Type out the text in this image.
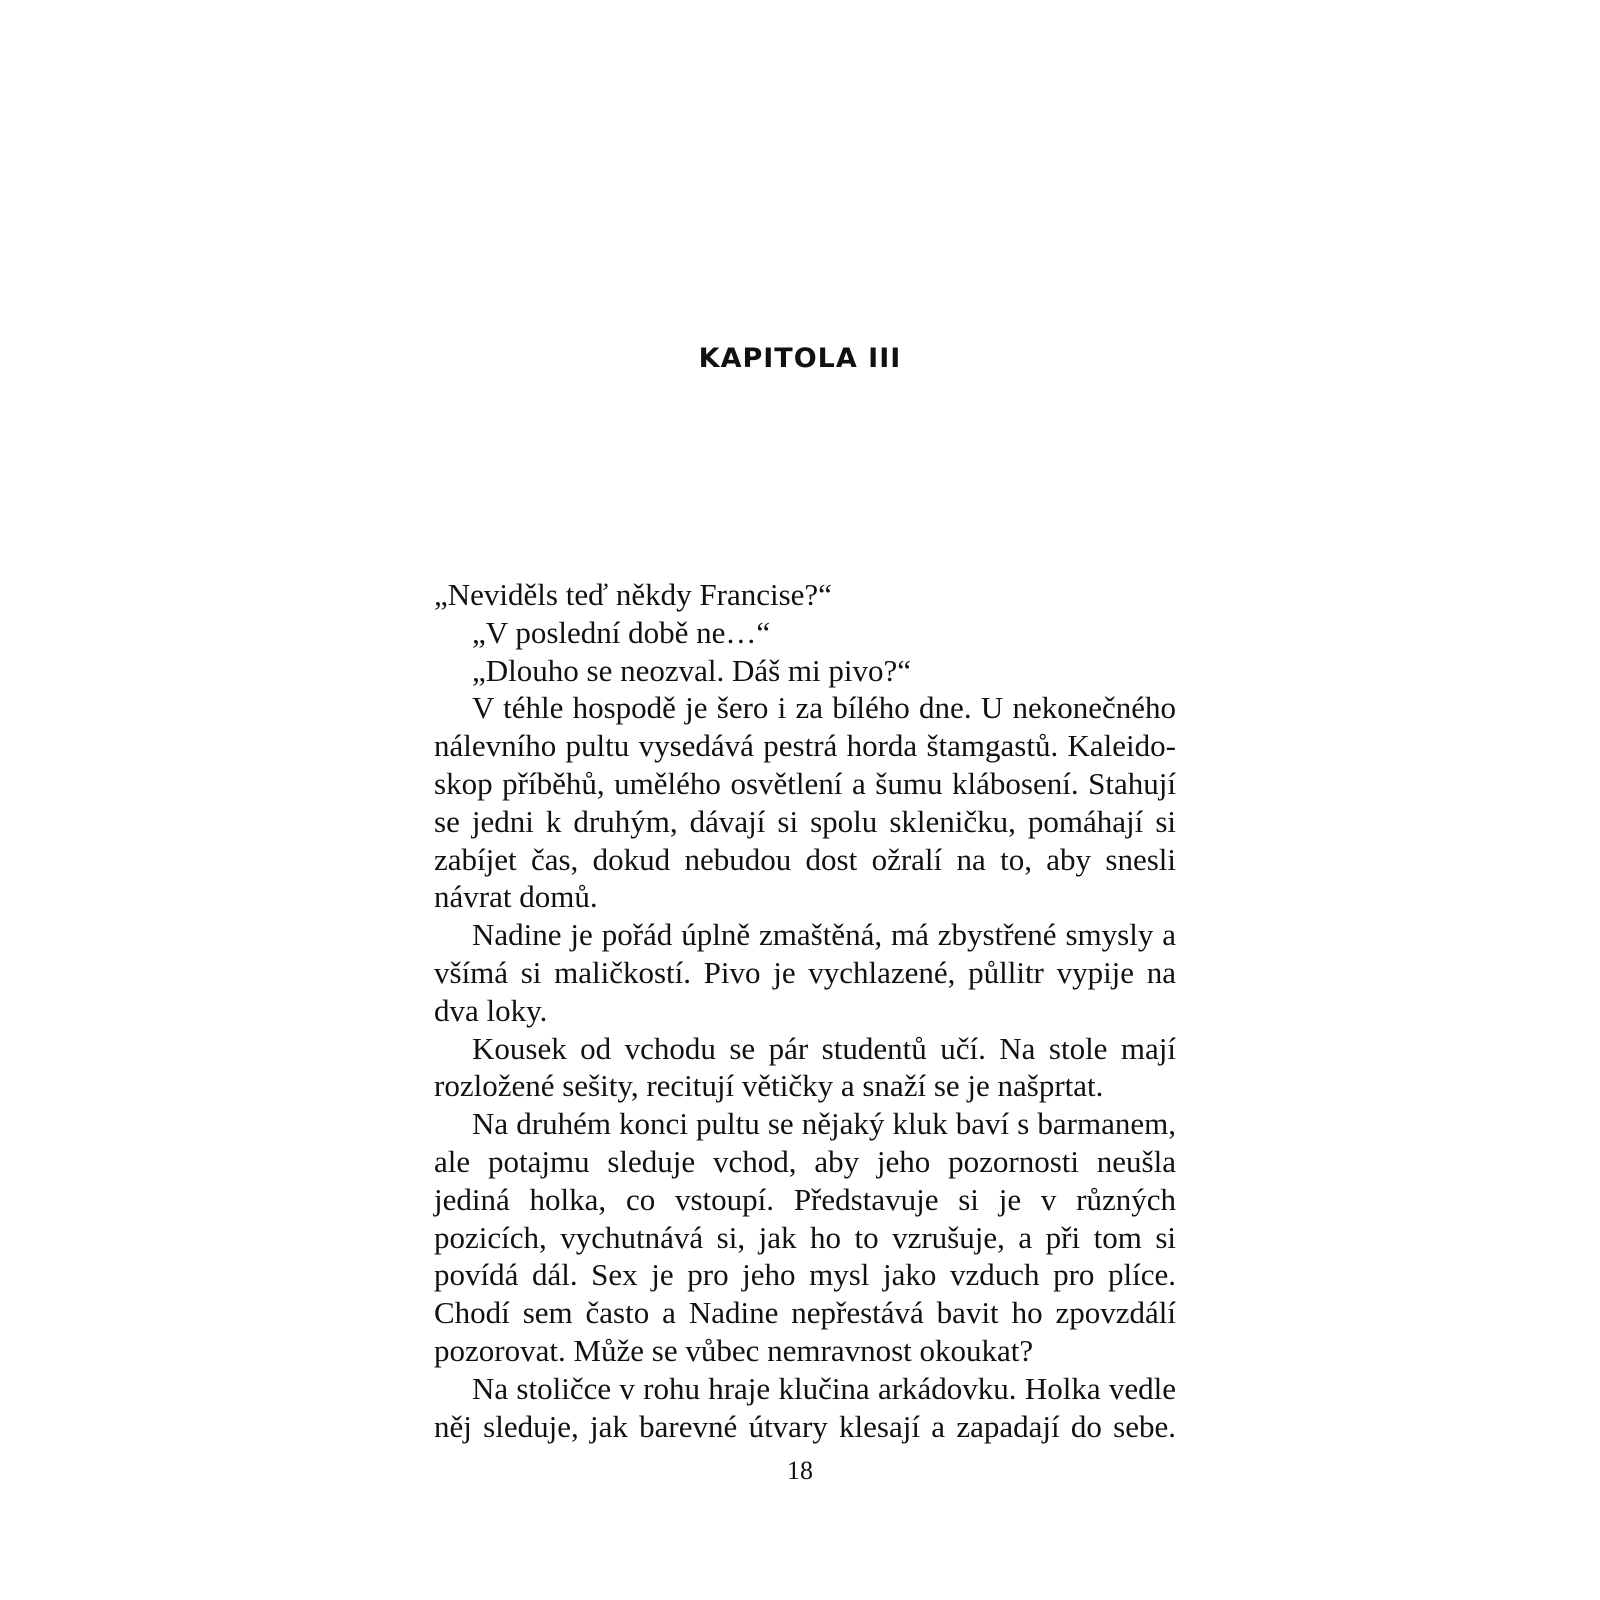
KAPITOLA III

„Neviděls teď někdy Francise?“

„V poslední době ne…“

„Dlouho se neozval. Dáš mi pivo?“

V téhle hospodě je šero i za bílého dne. U nekonečného nálevního pultu vysedává pestrá horda štamgastů. Kaleidoskop příběhů, umělého osvětlení a šumu klábosení. Stahují se jedni k druhým, dávají si spolu skleničku, pomáhají si zabíjet čas, dokud nebudou dost ožralí na to, aby snesli návrat domů.

Nadine je pořád úplně zmaštěná, má zbystřené smysly a všímá si maličkostí. Pivo je vychlazené, půllitr vypije na dva loky.

Kousek od vchodu se pár studentů učí. Na stole mají rozložené sešity, recitují větičky a snaží se je našprtat.

Na druhém konci pultu se nějaký kluk baví s barmanem, ale potajmu sleduje vchod, aby jeho pozornosti neušla jediná holka, co vstoupí. Představuje si je v různých pozicích, vychutnává si, jak ho to vzrušuje, a při tom si povídá dál. Sex je pro jeho mysl jako vzduch pro plíce. Chodí sem často a Nadine nepřestává bavit ho zpovzdálí pozorovat. Může se vůbec nemravnost okoukat?

Na stoličce v rohu hraje klučina arkádovku. Holka vedle něj sleduje, jak barevné útvary klesají a zapadají do sebe.

18
